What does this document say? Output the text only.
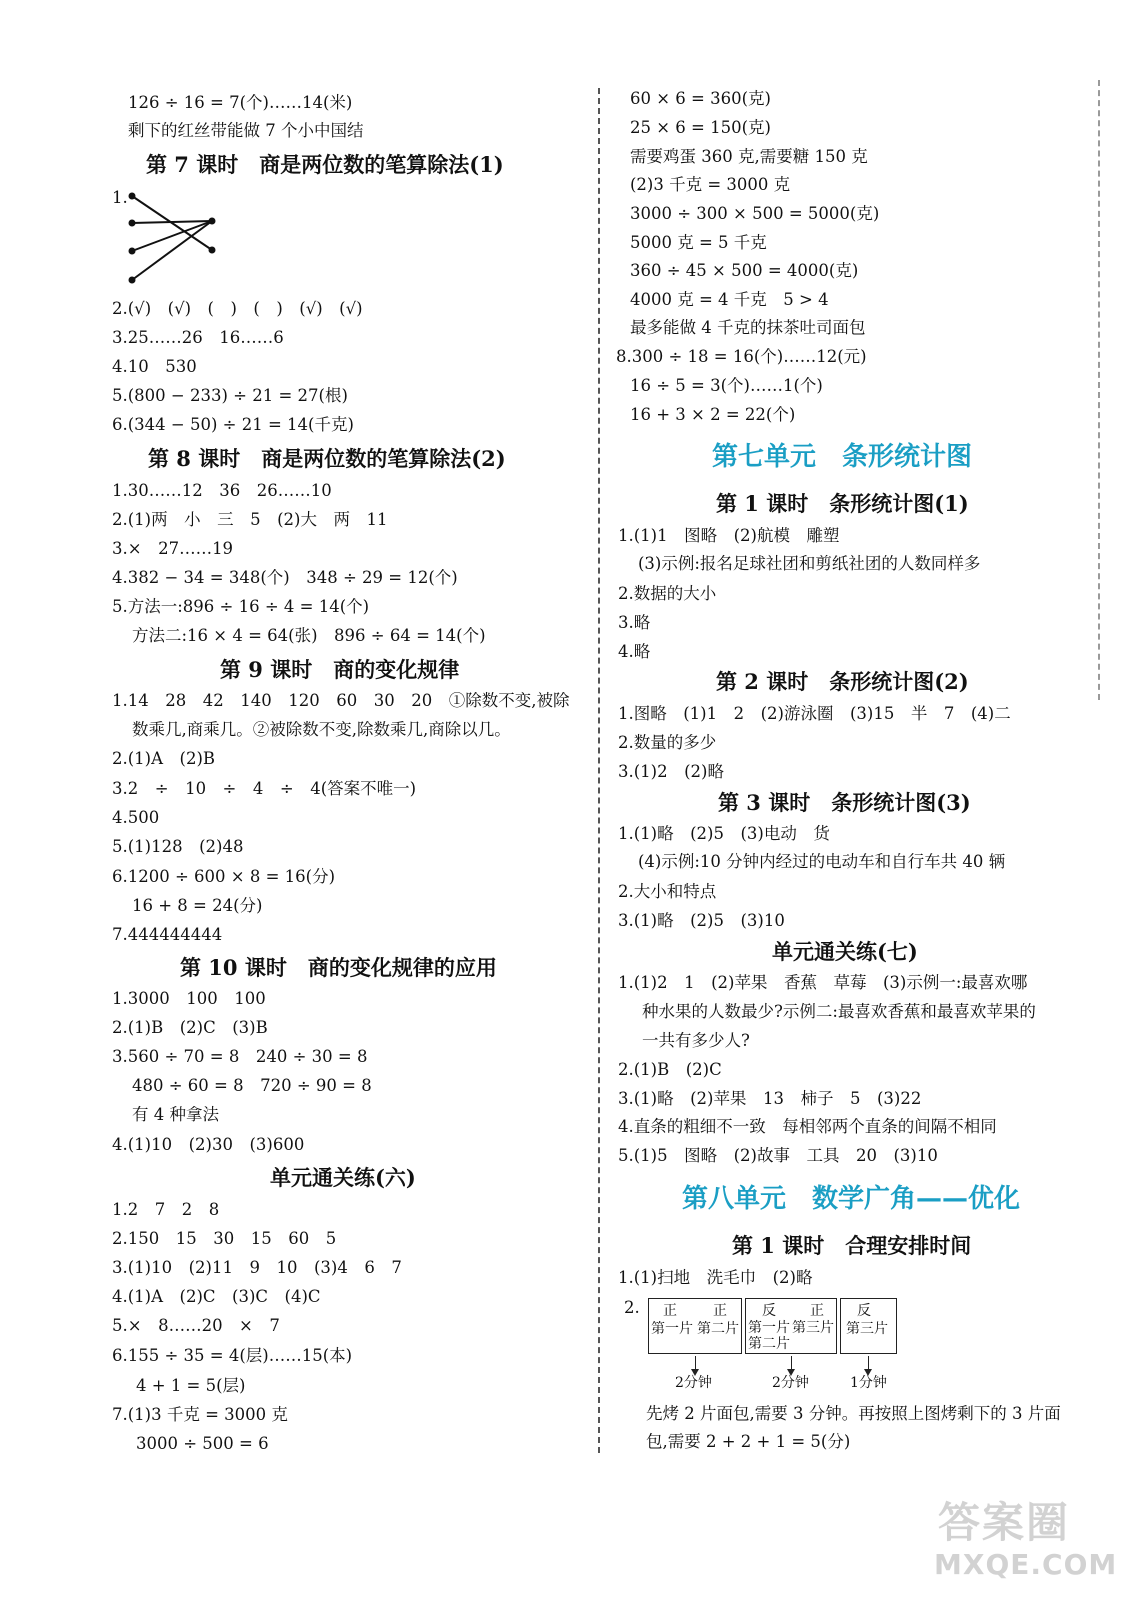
126 ÷ 16 = 7(个)……14(米)
剩下的红丝带能做 7 个小中国结
第 7 课时　商是两位数的笔算除法(1)
1.
2.(√)　(√)　(　)　(　)　(√)　(√)
3.25……26　16……6
4.10　530
5.(800 − 233) ÷ 21 = 27(根)
6.(344 − 50) ÷ 21 = 14(千克)
第 8 课时　商是两位数的笔算除法(2)
1.30……12　36　26……10
2.(1)两　小　三　5　(2)大　两　11
3.×　27……19
4.382 − 34 = 348(个)　348 ÷ 29 = 12(个)
5.方法一:896 ÷ 16 ÷ 4 = 14(个)
方法二:16 × 4 = 64(张)　896 ÷ 64 = 14(个)
第 9 课时　商的变化规律
1.14　28　42　140　120　60　30　20　①除数不变,被除
数乘几,商乘几。②被除数不变,除数乘几,商除以几。
2.(1)A　(2)B
3.2　÷　10　÷　4　÷　4(答案不唯一)
4.500
5.(1)128　(2)48
6.1200 ÷ 600 × 8 = 16(分)
16 + 8 = 24(分)
7.444444444
第 10 课时　商的变化规律的应用
1.3000　100　100
2.(1)B　(2)C　(3)B
3.560 ÷ 70 = 8　240 ÷ 30 = 8
480 ÷ 60 = 8　720 ÷ 90 = 8
有 4 种拿法
4.(1)10　(2)30　(3)600
单元通关练(六)
1.2　7　2　8
2.150　15　30　15　60　5
3.(1)10　(2)11　9　10　(3)4　6　7
4.(1)A　(2)C　(3)C　(4)C
5.×　8……20　×　7
6.155 ÷ 35 = 4(层)……15(本)
4 + 1 = 5(层)
7.(1)3 千克 = 3000 克
3000 ÷ 500 = 6
60 × 6 = 360(克)
25 × 6 = 150(克)
需要鸡蛋 360 克,需要糖 150 克
(2)3 千克 = 3000 克
3000 ÷ 300 × 500 = 5000(克)
5000 克 = 5 千克
360 ÷ 45 × 500 = 4000(克)
4000 克 = 4 千克　5 > 4
最多能做 4 千克的抹茶吐司面包
8.300 ÷ 18 = 16(个)……12(元)
16 ÷ 5 = 3(个)……1(个)
16 + 3 × 2 = 22(个)
第七单元　条形统计图
第 1 课时　条形统计图(1)
1.(1)1　图略　(2)航模　雕塑
(3)示例:报名足球社团和剪纸社团的人数同样多
2.数据的大小
3.略
4.略
第 2 课时　条形统计图(2)
1.图略　(1)1　2　(2)游泳圈　(3)15　半　7　(4)二
2.数量的多少
3.(1)2　(2)略
第 3 课时　条形统计图(3)
1.(1)略　(2)5　(3)电动　货
(4)示例:10 分钟内经过的电动车和自行车共 40 辆
2.大小和特点
3.(1)略　(2)5　(3)10
单元通关练(七)
1.(1)2　1　(2)苹果　香蕉　草莓　(3)示例一:最喜欢哪
种水果的人数最少?示例二:最喜欢香蕉和最喜欢苹果的
一共有多少人?
2.(1)B　(2)C
3.(1)略　(2)苹果　13　柿子　5　(3)22
4.直条的粗细不一致　每相邻两个直条的间隔不相同
5.(1)5　图略　(2)故事　工具　20　(3)10
第八单元　数学广角——优化
第 1 课时　合理安排时间
1.(1)扫地　洗毛巾　(2)略
2. 正	正
第一片 第二片
反 正
第一片 第三片
第二片
反
第三片
2分钟	2分钟	1分钟
先烤 2 片面包,需要 3 分钟。再按照上图烤剩下的 3 片面
包,需要 2 + 2 + 1 = 5(分)
答案圈
MXQE.COM
